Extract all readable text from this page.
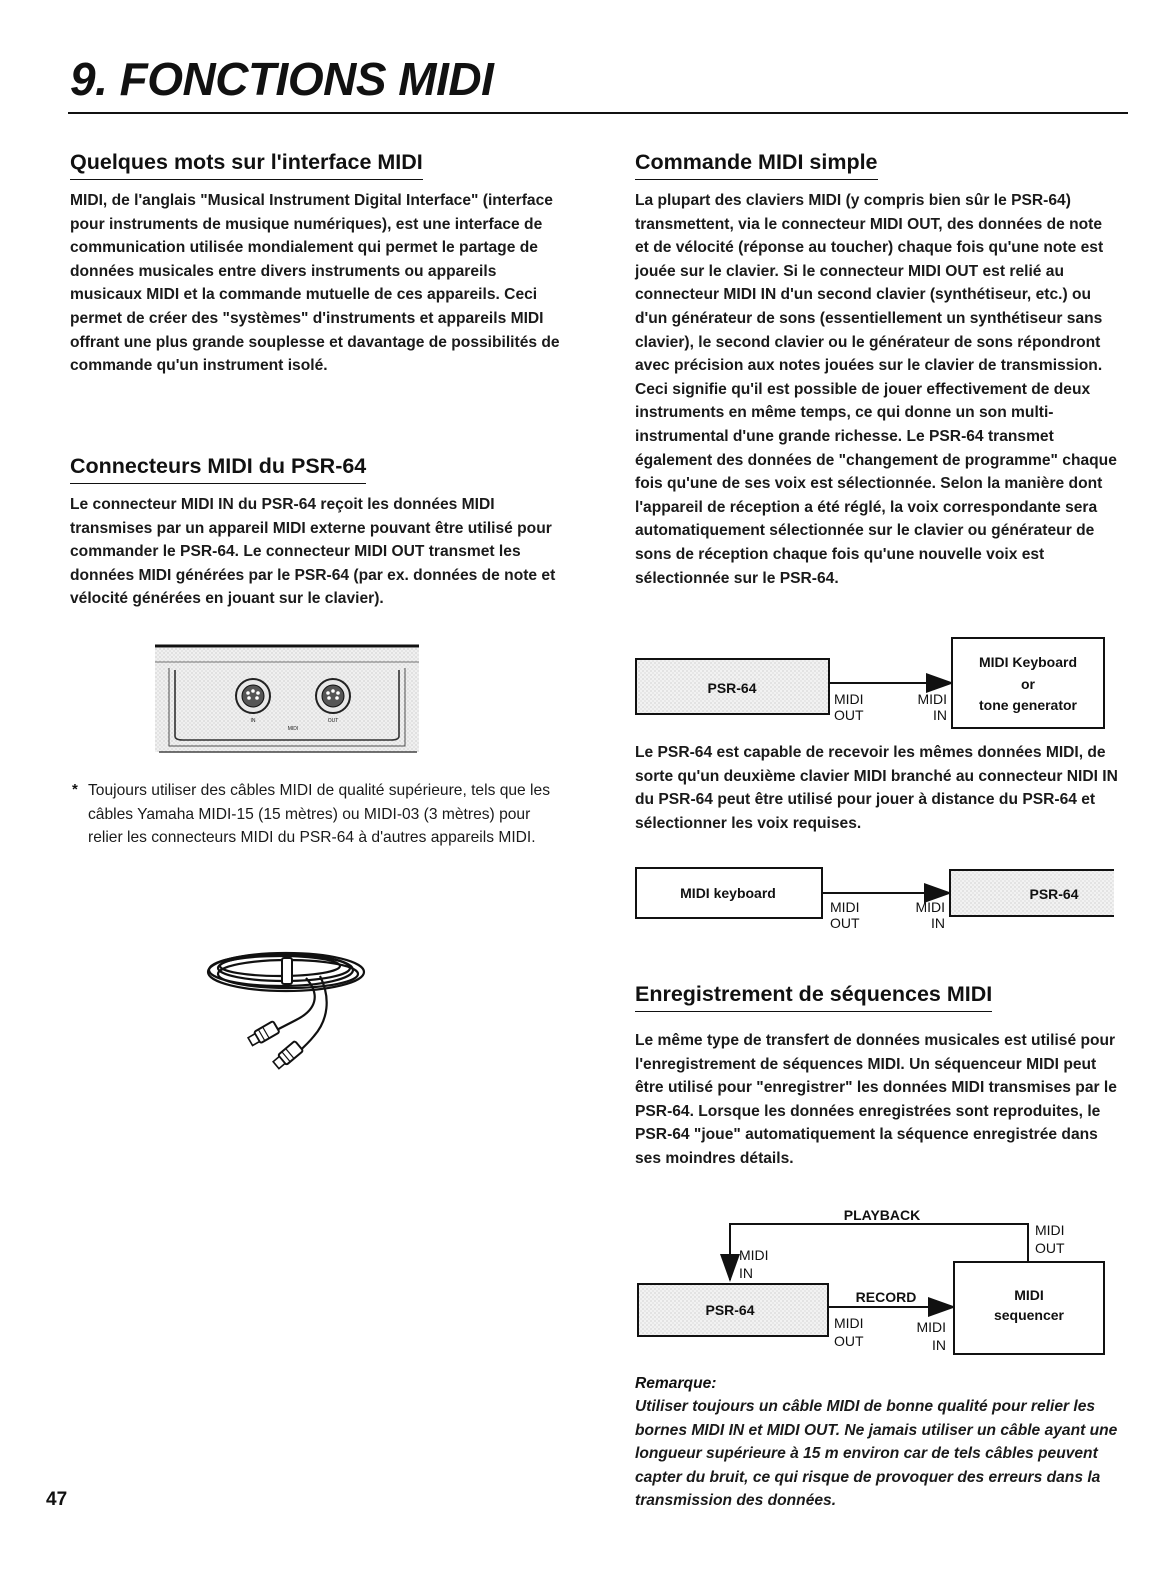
9. FONCTIONS MIDI
Quelques mots sur l'interface MIDI

MIDI, de l'anglais "Musical Instrument Digital Interface" (interface pour instruments de musique numériques), est une interface de communication utilisée mondialement qui permet le partage de données musicales entre divers instruments ou appareils musicaux MIDI et la commande mutuelle de ces appareils. Ceci permet de créer des "systèmes" d'instruments et appareils MIDI offrant une plus grande souplesse et davantage de possibilités de commande qu'un instrument isolé.

Connecteurs MIDI du PSR-64

Le connecteur MIDI IN du PSR-64 reçoit les données MIDI transmises par un appareil MIDI externe pouvant être utilisé pour commander le PSR-64. Le connecteur MIDI OUT transmet les données MIDI générées par le PSR-64 (par ex. données de note et vélocité générées en jouant sur le clavier).

IN
MIDI
OUT
* Toujours utiliser des câbles MIDI de qualité supérieure, tels que les câbles Yamaha MIDI-15 (15 mètres) ou MIDI-03 (3 mètres) pour relier les connecteurs MIDI du PSR-64 à d'autres appareils MIDI.

Commande MIDI simple

La plupart des claviers MIDI (y compris bien sûr le PSR-64) transmettent, via le connecteur MIDI OUT, des données de note et de vélocité (réponse au toucher) chaque fois qu'une note est jouée sur le clavier. Si le connecteur MIDI OUT est relié au connecteur MIDI IN d'un second clavier (synthétiseur, etc.) ou d'un générateur de sons (essentiellement un synthétiseur sans clavier), le second clavier ou le générateur de sons répondront avec précision aux notes jouées sur le clavier de transmission. Ceci signifie qu'il est possible de jouer effectivement de deux instruments en même temps, ce qui donne un son multi-instrumental d'une grande richesse. Le PSR-64 transmet également des données de "changement de programme" chaque fois qu'une de ses voix est sélectionnée. Selon la manière dont l'appareil de réception a été réglé, la voix correspondante sera automatiquement sélectionnée sur le clavier ou générateur de sons de réception chaque fois qu'une nouvelle voix est sélectionnée sur le PSR-64.

PSR-64
MIDI Keyboard
or
tone generator
MIDI
OUT
MIDI
IN

Le PSR-64 est capable de recevoir les mêmes données MIDI, de sorte qu'un deuxième clavier MIDI branché au connecteur NIDI IN du PSR-64 peut être utilisé pour jouer à distance du PSR-64 et sélectionner les voix requises.

MIDI keyboard	PSR-64
MIDI
OUT
MIDI
IN
Enregistrement de séquences MIDI

Le même type de transfert de données musicales est utilisé pour l'enregistrement de séquences MIDI. Un séquenceur MIDI peut être utilisé pour "enregistrer" les données MIDI transmises par le PSR-64. Lorsque les données enregistrées sont reproduites, le PSR-64 "joue" automatiquement la séquence enregistrée dans ses moindres détails.

PLAYBACK
MIDI
OUT
MIDI
IN
PSR-64
RECORD	MIDI
sequencer
MIDI
OUT
MIDI
IN

Remarque:

Utiliser toujours un câble MIDI de bonne qualité pour relier les bornes MIDI IN et MIDI OUT. Ne jamais utiliser un câble ayant une longueur supérieure à 15 m environ car de tels câbles peuvent capter du bruit, ce qui risque de provoquer des erreurs dans la transmission des données.

47
